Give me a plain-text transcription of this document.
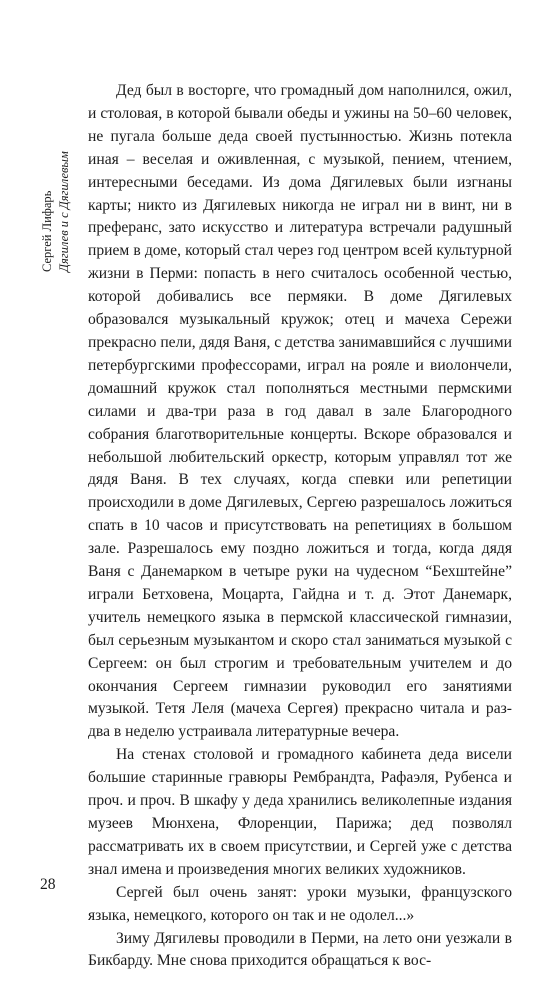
Сергей Лифарь Дягилев и с Дягилевым

Дед был в восторге, что громадный дом наполнился, ожил, и столовая, в которой бывали обеды и ужины на 50–60 человек, не пугала больше деда своей пустынностью. Жизнь потекла иная – веселая и оживленная, с музыкой, пением, чтением, интересными беседами. Из дома Дягилевых были изгнаны карты; никто из Дягилевых никогда не играл ни в винт, ни в преферанс, зато искусство и литература встречали радушный прием в доме, который стал через год центром всей культурной жизни в Перми: попасть в него считалось особенной честью, которой добивались все пермяки. В доме Дягилевых образовался музыкальный кружок; отец и мачеха Сережи прекрасно пели, дядя Ваня, с детства занимавшийся с лучшими петербургскими профессорами, играл на рояле и виолончели, домашний кружок стал пополняться местными пермскими силами и два-три раза в год давал в зале Благородного собрания благотворительные концерты. Вскоре образовался и небольшой любительский оркестр, которым управлял тот же дядя Ваня. В тех случаях, когда спевки или репетиции происходили в доме Дягилевых, Сергею разрешалось ложиться спать в 10 часов и присутствовать на репетициях в большом зале. Разрешалось ему поздно ложиться и тогда, когда дядя Ваня с Данемарком в четыре руки на чудесном “Бехштейне” играли Бетховена, Моцарта, Гайдна и т. д. Этот Данемарк, учитель немецкого языка в пермской классической гимназии, был серьезным музыкантом и скоро стал заниматься музыкой с Сергеем: он был строгим и требовательным учителем и до окончания Сергеем гимназии руководил его занятиями музыкой. Тетя Леля (мачеха Сергея) прекрасно читала и раз-два в неделю устраивала литературные вечера.

На стенах столовой и громадного кабинета деда висели большие старинные гравюры Рембрандта, Рафаэля, Рубенса и проч. и проч. В шкафу у деда хранились великолепные издания музеев Мюнхена, Флоренции, Парижа; дед позволял рассматривать их в своем присутствии, и Сергей уже с детства знал имена и произведения многих великих художников.

Сергей был очень занят: уроки музыки, французского языка, немецкого, которого он так и не одолел...»

Зиму Дягилевы проводили в Перми, на лето они уезжали в Бикбарду. Мне снова приходится обращаться к вос-

28
